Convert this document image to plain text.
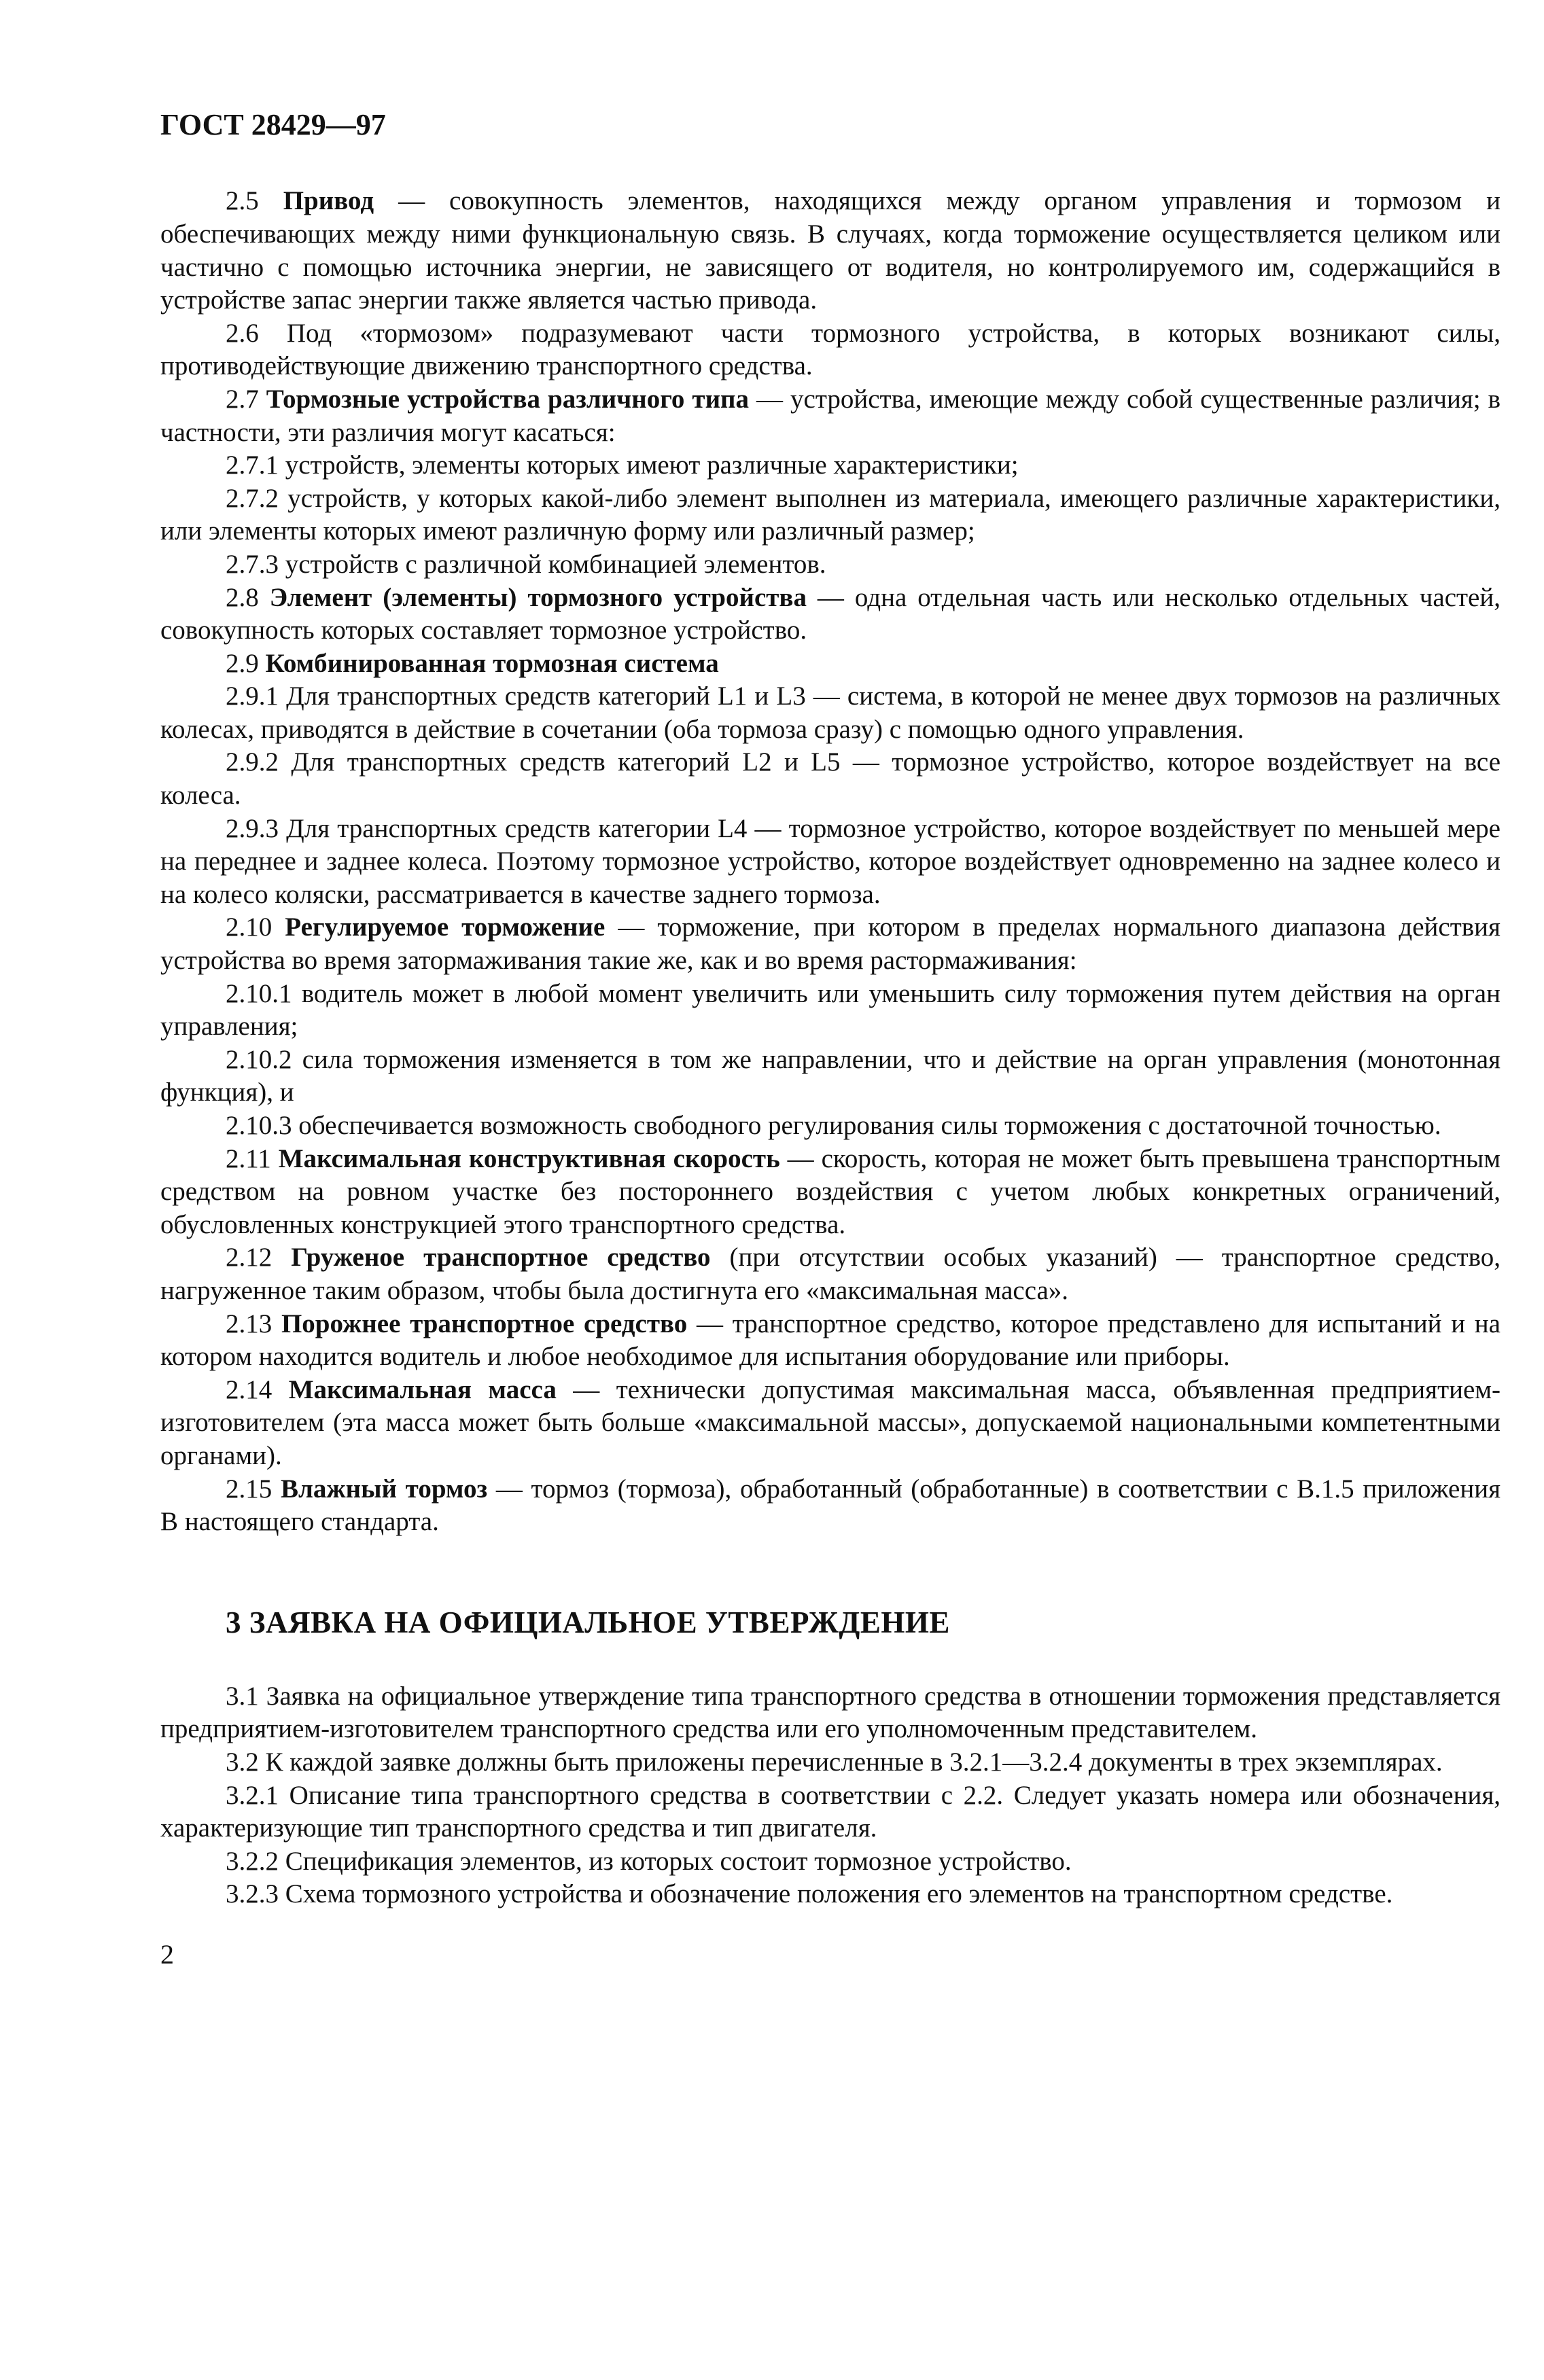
ГОСТ 28429—97

2.5 Привод — совокупность элементов, находящихся между органом управления и тормозом и обеспечивающих между ними функциональную связь. В случаях, когда торможение осуществляется целиком или частично с помощью источника энергии, не зависящего от водителя, но контролируемого им, содержащийся в устройстве запас энергии также является частью привода.

2.6 Под «тормозом» подразумевают части тормозного устройства, в которых возникают силы, противодействующие движению транспортного средства.

2.7 Тормозные устройства различного типа — устройства, имеющие между собой существенные различия; в частности, эти различия могут касаться:

2.7.1 устройств, элементы которых имеют различные характеристики;

2.7.2 устройств, у которых какой-либо элемент выполнен из материала, имеющего различные характеристики, или элементы которых имеют различную форму или различный размер;

2.7.3 устройств с различной комбинацией элементов.

2.8 Элемент (элементы) тормозного устройства — одна отдельная часть или несколько отдельных частей, совокупность которых составляет тормозное устройство.

2.9 Комбинированная тормозная система

2.9.1 Для транспортных средств категорий L1 и L3 — система, в которой не менее двух тормозов на различных колесах, приводятся в действие в сочетании (оба тормоза сразу) с помощью одного управления.

2.9.2 Для транспортных средств категорий L2 и L5 — тормозное устройство, которое воздействует на все колеса.

2.9.3 Для транспортных средств категории L4 — тормозное устройство, которое воздействует по меньшей мере на переднее и заднее колеса. Поэтому тормозное устройство, которое воздействует одновременно на заднее колесо и на колесо коляски, рассматривается в качестве заднего тормоза.

2.10 Регулируемое торможение — торможение, при котором в пределах нормального диапазона действия устройства во время затормаживания такие же, как и во время растормаживания:

2.10.1 водитель может в любой момент увеличить или уменьшить силу торможения путем действия на орган управления;

2.10.2 сила торможения изменяется в том же направлении, что и действие на орган управления (монотонная функция), и

2.10.3 обеспечивается возможность свободного регулирования силы торможения с достаточной точностью.

2.11 Максимальная конструктивная скорость — скорость, которая не может быть превышена транспортным средством на ровном участке без постороннего воздействия с учетом любых конкретных ограничений, обусловленных конструкцией этого транспортного средства.

2.12 Груженое транспортное средство (при отсутствии особых указаний) — транспортное средство, нагруженное таким образом, чтобы была достигнута его «максимальная масса».

2.13 Порожнее транспортное средство — транспортное средство, которое представлено для испытаний и на котором находится водитель и любое необходимое для испытания оборудование или приборы.

2.14 Максимальная масса — технически допустимая максимальная масса, объявленная предприятием-изготовителем (эта масса может быть больше «максимальной массы», допускаемой национальными компетентными органами).

2.15 Влажный тормоз — тормоз (тормоза), обработанный (обработанные) в соответствии с В.1.5 приложения В настоящего стандарта.

3 ЗАЯВКА НА ОФИЦИАЛЬНОЕ УТВЕРЖДЕНИЕ

3.1 Заявка на официальное утверждение типа транспортного средства в отношении торможения представляется предприятием-изготовителем транспортного средства или его уполномоченным представителем.

3.2 К каждой заявке должны быть приложены перечисленные в 3.2.1—3.2.4 документы в трех экземплярах.

3.2.1 Описание типа транспортного средства в соответствии с 2.2. Следует указать номера или обозначения, характеризующие тип транспортного средства и тип двигателя.

3.2.2 Спецификация элементов, из которых состоит тормозное устройство.

3.2.3 Схема тормозного устройства и обозначение положения его элементов на транспортном средстве.

2
